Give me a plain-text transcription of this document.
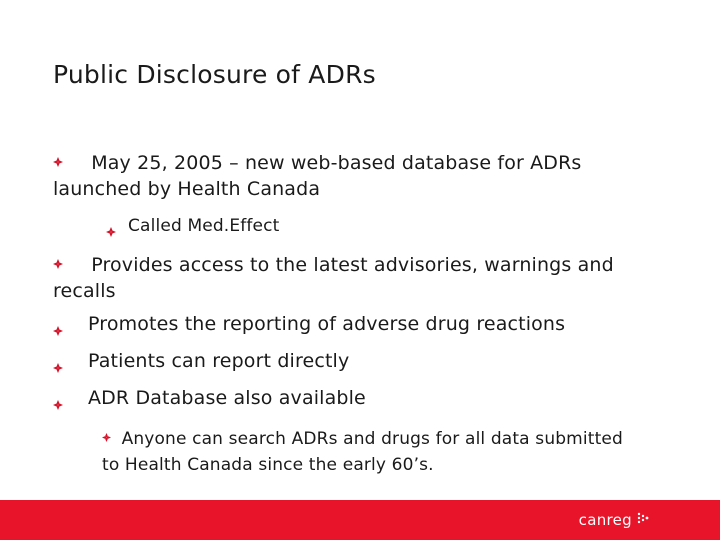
Public Disclosure of ADRs
May 25, 2005 – new web-based database for ADRs launched by Health Canada
Called Med.Effect
Provides access to the latest advisories, warnings and recalls
Promotes the reporting of adverse drug reactions
Patients can report directly
ADR Database also available
Anyone can search ADRs and drugs for all data submitted to Health Canada since the early 60’s.
canreg
